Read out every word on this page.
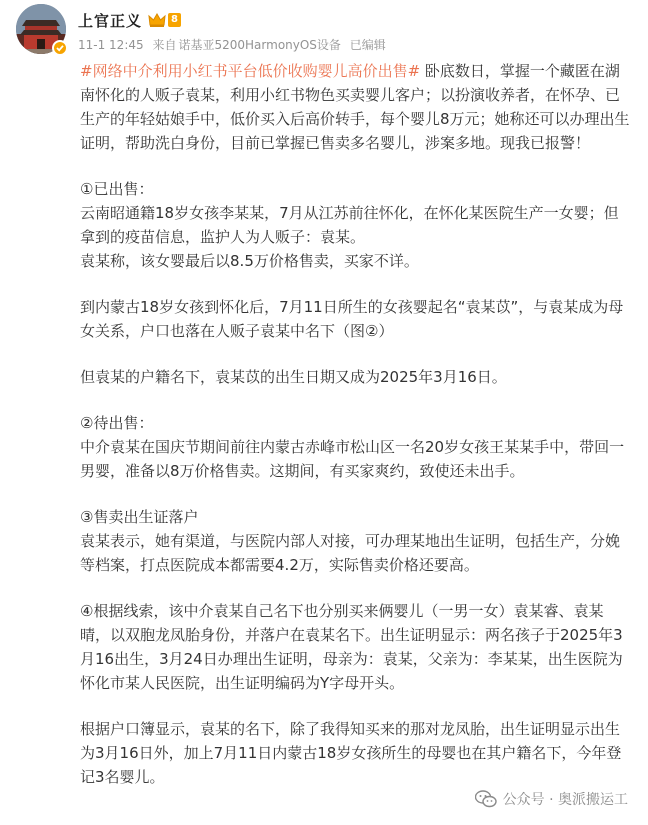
上官正义	8
11-1 12:45 来自 诺基亚5200HarmonyOS设备 已编辑

#网络中介利用小红书平台低价收购婴儿高价出售# 卧底数日，掌握一个藏匿在湖南怀化的人贩子袁某，利用小红书物色买卖婴儿客户；以扮演收养者，在怀孕、已生产的年轻姑娘手中，低价买入后高价转手，每个婴儿8万元；她称还可以办理出生证明，帮助洗白身份，目前已掌握已售卖多名婴儿，涉案多地。现我已报警！

①已出售：
云南昭通籍18岁女孩李某某，7月从江苏前往怀化，在怀化某医院生产一女婴；但拿到的疫苗信息，监护人为人贩子：袁某。
袁某称，该女婴最后以8.5万价格售卖，买家不详。

到内蒙古18岁女孩到怀化后，7月11日所生的女孩婴起名“袁某苡”，与袁某成为母女关系，户口也落在人贩子袁某中名下（图②）

但袁某的户籍名下，袁某苡的出生日期又成为2025年3月16日。

②待出售：
中介袁某在国庆节期间前往内蒙古赤峰市松山区一名20岁女孩王某某手中，带回一男婴，准备以8万价格售卖。这期间，有买家爽约，致使还未出手。

③售卖出生证落户
袁某表示，她有渠道，与医院内部人对接，可办理某地出生证明，包括生产，分娩等档案，打点医院成本都需要4.2万，实际售卖价格还要高。

④根据线索，该中介袁某自己名下也分别买来俩婴儿（一男一女）袁某睿、袁某晴，以双胞龙凤胎身份，并落户在袁某名下。出生证明显示：两名孩子于2025年3月16出生，3月24日办理出生证明，母亲为：袁某，父亲为：李某某，出生医院为怀化市某人民医院，出生证明编码为Y字母开头。

根据户口簿显示，袁某的名下，除了我得知买来的那对龙凤胎，出生证明显示出生为3月16日外，加上7月11日内蒙古18岁女孩所生的母婴也在其户籍名下，今年登记3名婴儿。

公众号 · 奥派搬运工
